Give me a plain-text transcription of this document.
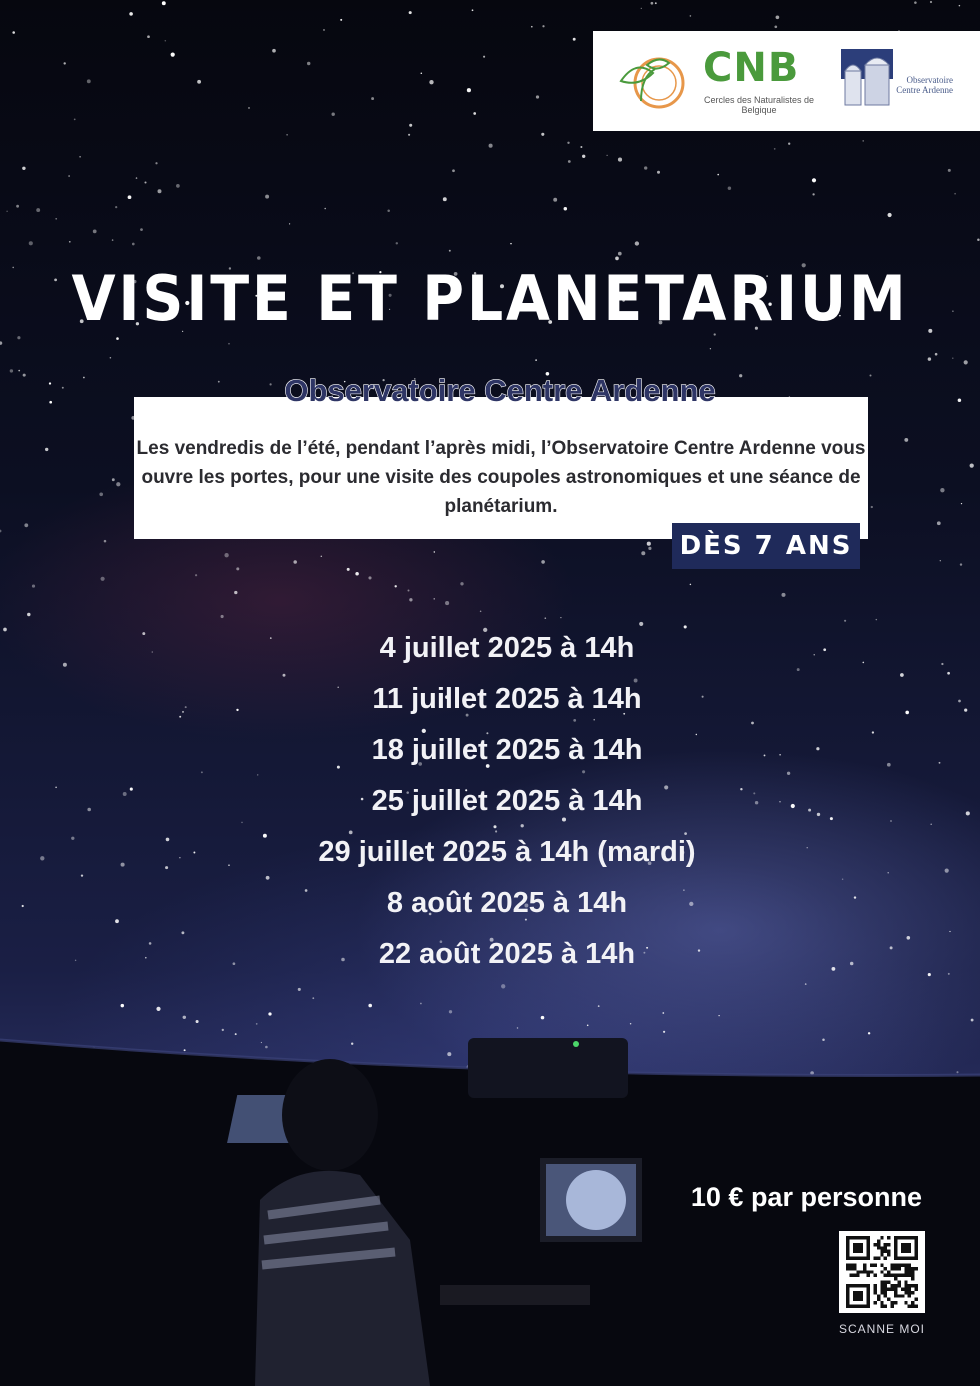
CNB
Cercles des Naturalistes de Belgique
Observatoire Centre Ardenne
VISITE ET PLANETARIUM
Observatoire Centre Ardenne
Les vendredis de l’été, pendant l’après midi, l’Observatoire Centre Ardenne vous ouvre les portes, pour une visite des coupoles astronomiques et une séance de planétarium.
DÈS 7 ANS
4 juillet 2025 à 14h
11 juillet 2025 à 14h
18 juillet 2025 à 14h
25 juillet 2025 à 14h
29 juillet 2025 à 14h (mardi)
8 août 2025 à 14h
22 août 2025 à 14h
10 € par personne
SCANNE MOI
